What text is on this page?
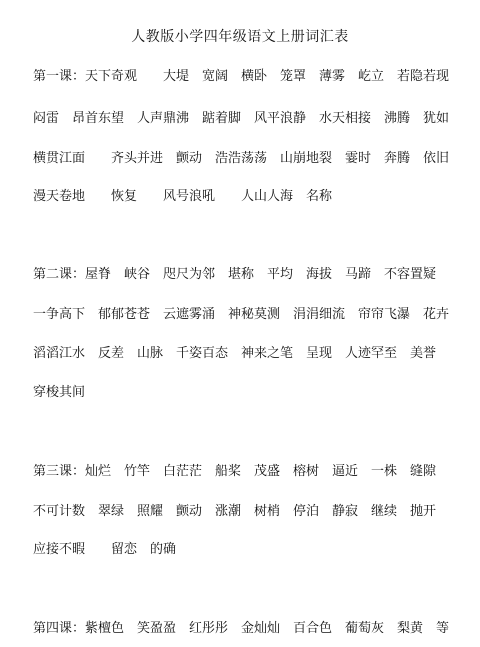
人教版小学四年级语文上册词汇表
第一课：天下奇观　　大堤　宽阔　横卧　笼罩　薄雾　屹立　若隐若现
闷雷　昂首东望　人声鼎沸　踮着脚　风平浪静　水天相接　沸腾　犹如
横贯江面　　齐头并进　颤动　浩浩荡荡　山崩地裂　霎时　奔腾　依旧
漫天卷地　　恢复　　风号浪吼　　人山人海　名称
第二课：屋脊　峡谷　咫尺为邻　堪称　平均　海拔　马蹄　不容置疑
一争高下　郁郁苍苍　云遮雾涌　神秘莫测　涓涓细流　帘帘飞瀑　花卉
滔滔江水　反差　山脉　千姿百态　神来之笔　呈现　人迹罕至　美誉
穿梭其间
第三课：灿烂　竹竿　白茫茫　船桨　茂盛　榕树　逼近　一株　缝隙
不可计数　翠绿　照耀　颤动　涨潮　树梢　停泊　静寂　继续　抛开
应接不暇　　留恋　的确
第四课：紫檀色　笑盈盈　红彤彤　金灿灿　百合色　葡萄灰　梨黄　等
